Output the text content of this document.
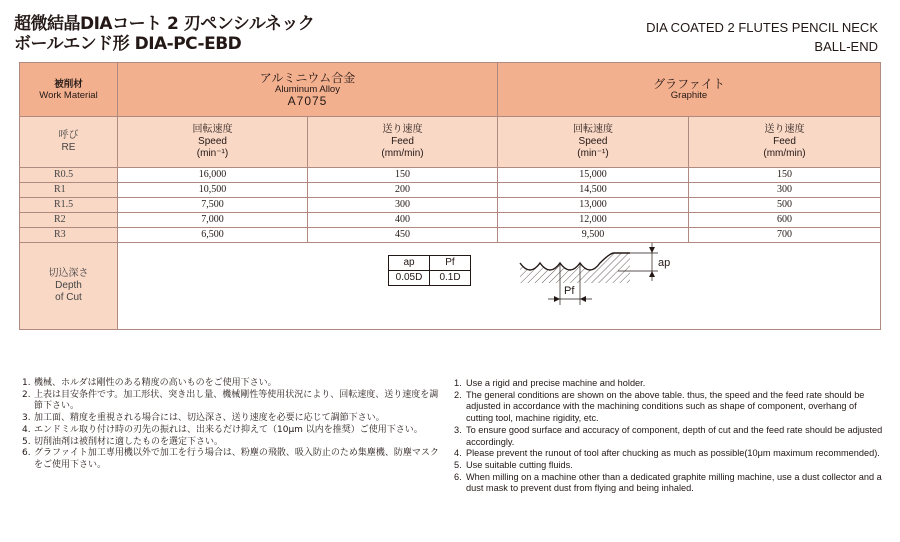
超微結晶DIAコート 2 刃ペンシルネック
ボールエンド形 DIA-PC-EBD
DIA COATED 2 FLUTES PENCIL NECK
BALL-END
被削材
Work Material

アルミニウム合金
Aluminum Alloy
A7075

グラファイト
Graphite

呼び
RE

回転速度
Speed
(min⁻¹)

送り速度
Feed
(mm/min)

回転速度
Speed
(min⁻¹)

送り速度
Feed
(mm/min)

R0.5	16,000	150	15,000	150
R1	10,500	200	14,500	300
R1.5	7,500	300	13,000	500
R2	7,000	400	12,000	600
R3	6,500	450	9,500	700

切込深さ
Depth
of Cut

ap	Pf
0.05D	0.1D
ap
Pf
1. 機械、ホルダは剛性のある精度の高いものをご使用下さい。
2. 上表は目安条件です。加工形状、突き出し量、機械剛性等使用状況により、回転速度、送り速度を調節下さい。
3. 加工面、精度を重視される場合には、切込深さ、送り速度を必要に応じて調節下さい。
4. エンドミル取り付け時の刃先の振れは、出来るだけ抑えて（10μm 以内を推奨）ご使用下さい。
5. 切削油剤は被削材に適したものを選定下さい。
6. グラファイト加工専用機以外で加工を行う場合は、粉塵の飛散、吸入防止のため集塵機、防塵マスクをご使用下さい。
1. Use a rigid and precise machine and holder.
2. The general conditions are shown on the above table. thus, the speed and the feed rate should be adjusted in accordance with the machining conditions such as shape of component, overhang of cutting tool, machine rigidity, etc.
3. To ensure good surface and accuracy of component, depth of cut and the feed rate should be adjusted accordingly.
4. Please prevent the runout of tool after chucking as much as possible(10μm maximum recommended).
5. Use suitable cutting fluids.
6. When milling on a machine other than a dedicated graphite milling machine, use a dust collector and a dust mask to prevent dust from flying and being inhaled.
